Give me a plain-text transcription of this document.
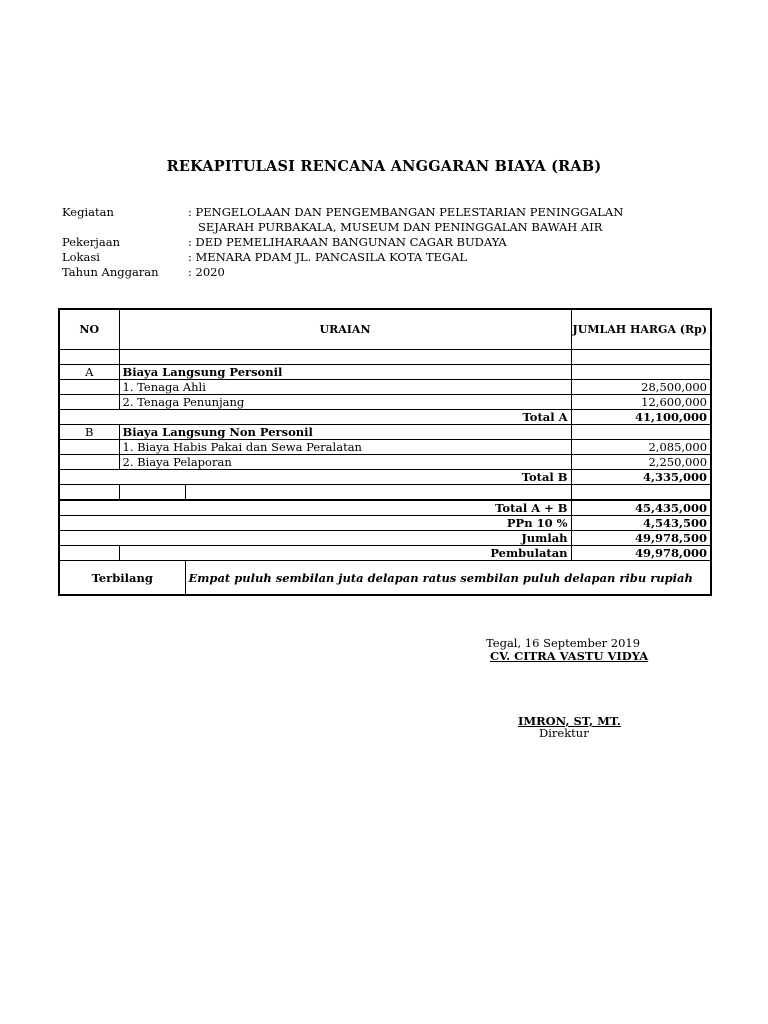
REKAPITULASI RENCANA ANGGARAN BIAYA (RAB)
Kegiatan	: PENGELOLAAN DAN PENGEMBANGAN PELESTARIAN PENINGGALAN
SEJARAH PURBAKALA, MUSEUM DAN PENINGGALAN BAWAH AIR
Pekerjaan	: DED PEMELIHARAAN BANGUNAN CAGAR BUDAYA
Lokasi	: MENARA PDAM JL. PANCASILA KOTA TEGAL
Tahun Anggaran	: 2020
NO	URAIAN		JUMLAH HARGA (Rp)

A	Biaya Langsung Personil		
	1. Tenaga Ahli		28,500,000
	2. Tenaga Penunjang		12,600,000
Total A			41,100,000
B	Biaya Langsung Non Personil		
	1. Biaya Habis Pakai dan Sewa Peralatan		2,085,000
	2. Biaya Pelaporan		2,250,000
Total B			4,335,000

Total A + B			45,435,000
PPn 10 %			4,543,500
Jumlah			49,978,500
	Pembulatan		49,978,000
Terbilang		Empat puluh sembilan juta delapan ratus sembilan puluh delapan ribu rupiah	
Tegal, 16 September 2019
CV. CITRA VASTU VIDYA
IMRON, ST, MT.
Direktur
